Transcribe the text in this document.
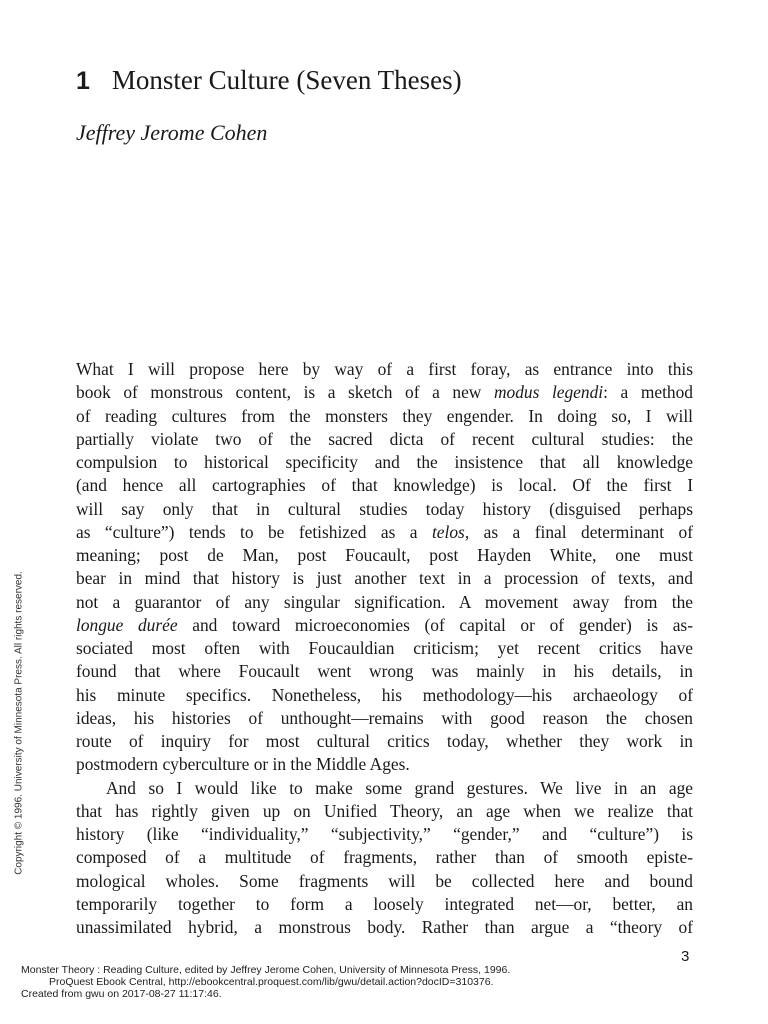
1 Monster Culture (Seven Theses)

Jeffrey Jerome Cohen

What I will propose here by way of a first foray, as entrance into this
book of monstrous content, is a sketch of a new modus legendi: a method
of reading cultures from the monsters they engender. In doing so, I will
partially violate two of the sacred dicta of recent cultural studies: the
compulsion to historical specificity and the insistence that all knowledge
(and hence all cartographies of that knowledge) is local. Of the first I
will say only that in cultural studies today history (disguised perhaps
as “culture”) tends to be fetishized as a telos, as a final determinant of
meaning; post de Man, post Foucault, post Hayden White, one must
bear in mind that history is just another text in a procession of texts, and
not a guarantor of any singular signification. A movement away from the
longue durée and toward microeconomies (of capital or of gender) is as-
sociated most often with Foucauldian criticism; yet recent critics have
found that where Foucault went wrong was mainly in his details, in
his minute specifics. Nonetheless, his methodology—his archaeology of
ideas, his histories of unthought—remains with good reason the chosen
route of inquiry for most cultural critics today, whether they work in
postmodern cyberculture or in the Middle Ages.
And so I would like to make some grand gestures. We live in an age
that has rightly given up on Unified Theory, an age when we realize that
history (like “individuality,” “subjectivity,” “gender,” and “culture”) is
composed of a multitude of fragments, rather than of smooth episte-
mological wholes. Some fragments will be collected here and bound
temporarily together to form a loosely integrated net—or, better, an
unassimilated hybrid, a monstrous body. Rather than argue a “theory of
Copyright © 1996. University of Minnesota Press. All rights reserved.
3
Monster Theory : Reading Culture, edited by Jeffrey Jerome Cohen, University of Minnesota Press, 1996.
ProQuest Ebook Central, http://ebookcentral.proquest.com/lib/gwu/detail.action?docID=310376.
Created from gwu on 2017-08-27 11:17:46.
